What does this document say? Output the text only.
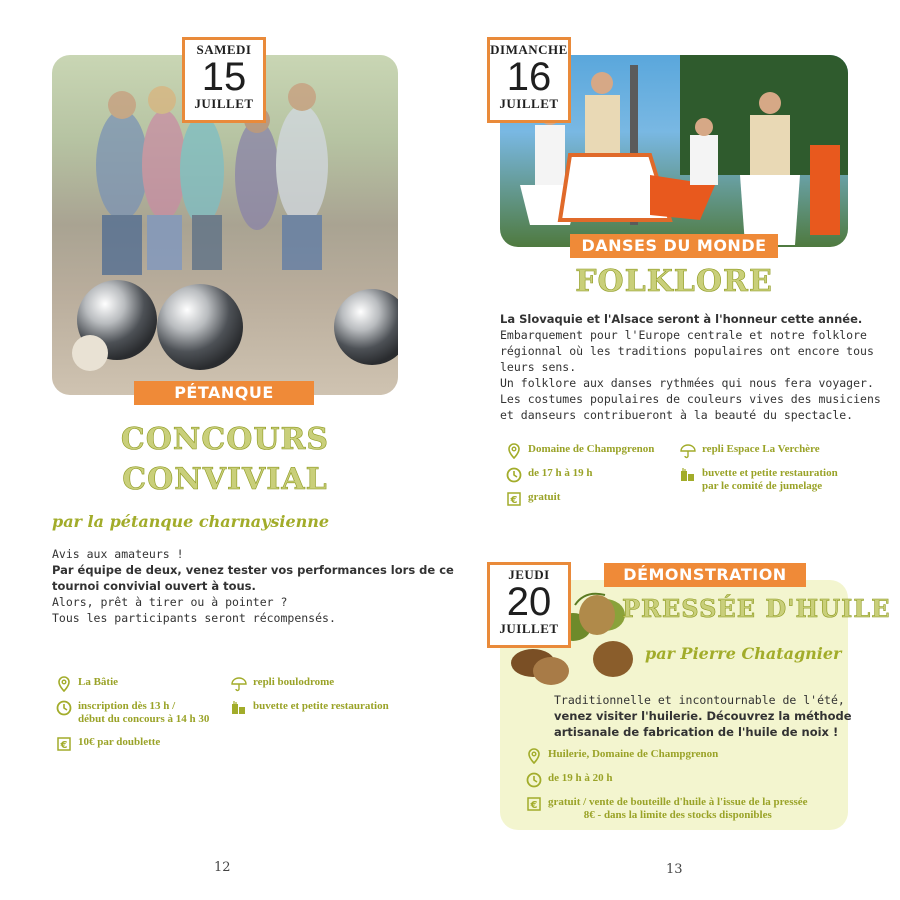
SAMEDI
15
JUILLET
PÉTANQUE
CONCOURS
CONVIVIAL
par la pétanque charnaysienne
Avis aux amateurs !
Par équipe de deux, venez tester vos performances lors de ce
tournoi convivial ouvert à tous.
Alors, prêt à tirer ou à pointer ?
Tous les participants seront récompensés.
La Bâtie
inscription dès 13 h /
début du concours à 14 h 30
€ 10€ par doublette
repli boulodrome
buvette et petite restauration
12
DIMANCHE
16
JUILLET
DANSES DU MONDE
FOLKLORE
La Slovaquie et l'Alsace seront à l'honneur cette année.
Embarquement pour l'Europe centrale et notre folklore
régionnal où les traditions populaires ont encore tous
leurs sens.
Un folklore aux danses rythmées qui nous fera voyager.
Les costumes populaires de couleurs vives des musiciens
et danseurs contribueront à la beauté du spectacle.
Domaine de Champgrenon
de 17 h à 19 h
€ gratuit
repli Espace La Verchère
buvette et petite restauration
par le comité de jumelage
DÉMONSTRATION
JEUDI
20
JUILLET
PRESSÉE D'HUILE
par Pierre Chatagnier
Traditionnelle et incontournable de l'été,
venez visiter l'huilerie. Découvrez la méthode
artisanale de fabrication de l'huile de noix !
Huilerie, Domaine de Champgrenon
de 19 h à 20 h
€ gratuit / vente de bouteille d'huile à l'issue de la pressée
8€ - dans la limite des stocks disponibles
13
